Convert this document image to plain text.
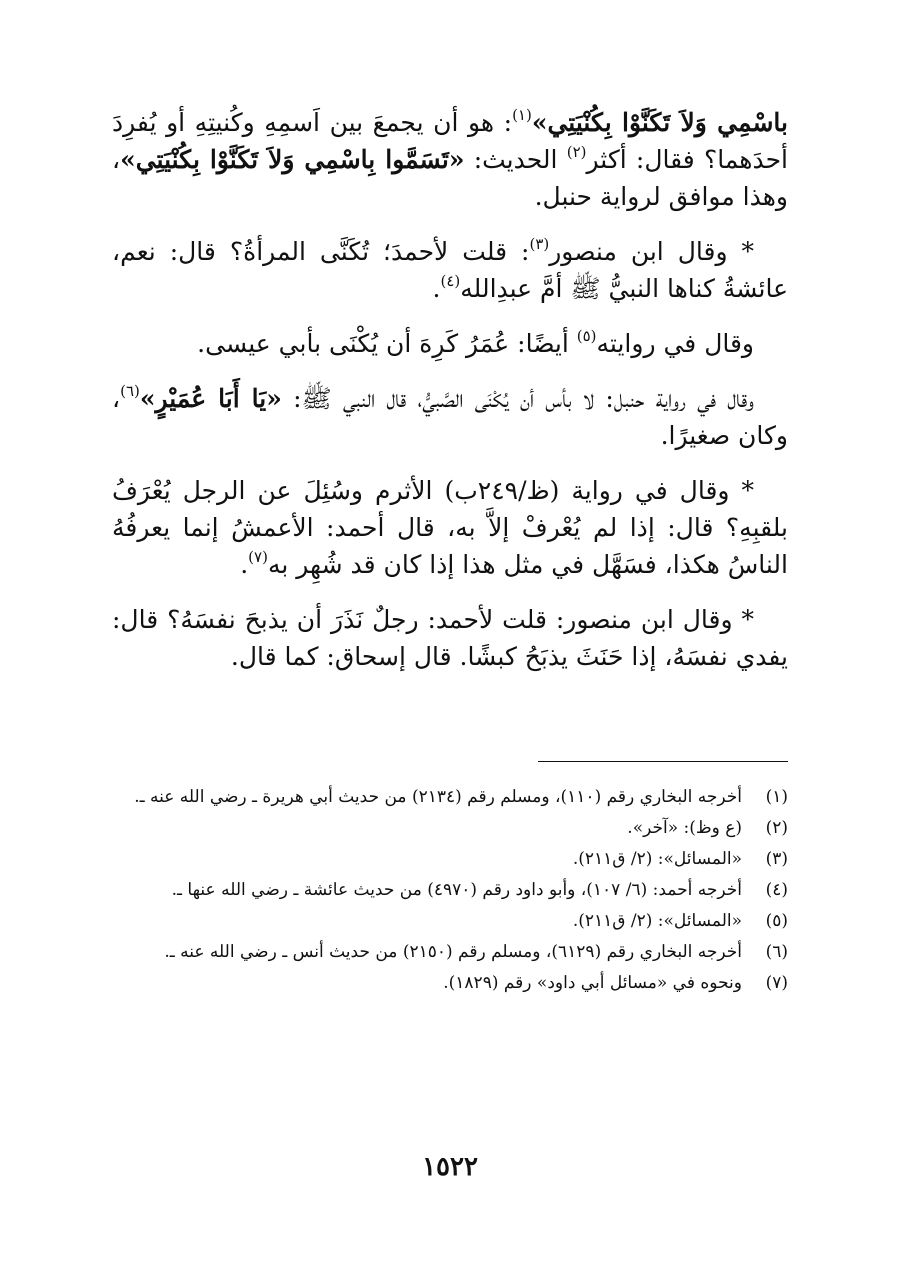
باسْمِي وَلاَ تَكَنَّوْا بِكُنْيَتِي»$^{(١)}$: هو أن يجمعَ بين اَسمِهِ وكُنيتِهِ أو يُفرِدَ أحدَهما؟ فقال: أكثر$^{(٢)}$ الحديث: «تَسَمَّوا بِاسْمِي وَلاَ تَكَنَّوْا بِكُنْيَتِي»، وهذا موافق لرواية حنبل.

* وقال ابن منصور$^{(٣)}$: قلت لأحمدَ؛ تُكَنَّى المرأةُ؟ قال: نعم، عائشةُ كناها النبيُّ ﷺ أمَّ عبدِالله$^{(٤)}$.

وقال في روايته$^{(٥)}$ أيضًا: عُمَرُ كَرِهَ أن يُكْنَى بأبي عيسى.

وقال في رواية حنبل: لا بأس أن يُكْنَى الصَّبيُّ، قال النبي ﷺ: «يَا أَبَا عُمَيْرٍ»$^{(٦)}$، وكان صغيرًا.

* وقال في رواية (ظ/٢٤٩ب) الأثرم وسُئِلَ عن الرجل يُعْرَفُ بلقبِهِ؟ قال: إذا لم يُعْرفْ إلاَّ به، قال أحمد: الأعمشُ إنما يعرفُهُ الناسُ هكذا، فسَهَّل في مثل هذا إذا كان قد شُهِر به$^{(٧)}$.

* وقال ابن منصور: قلت لأحمد: رجلٌ نَذَرَ أن يذبحَ نفسَهُ؟ قال: يفدي نفسَهُ، إذا حَنَثَ يذبَحُ كبشًا. قال إسحاق: كما قال.

(١)
أخرجه البخاري رقم (١١٠)، ومسلم رقم (٢١٣٤) من حديث أبي هريرة ـ رضي الله عنه ـ.
(٢)
(ع وظ): «آخر».
(٣)
«المسائل»: (٢/ ق٢١١).
(٤)
أخرجه أحمد: (٦/ ١٠٧)، وأبو داود رقم (٤٩٧٠) من حديث عائشة ـ رضي الله عنها ـ.
(٥)
«المسائل»: (٢/ ق٢١١).
(٦)
أخرجه البخاري رقم (٦١٢٩)، ومسلم رقم (٢١٥٠) من حديث أنس ـ رضي الله عنه ـ.
(٧)
ونحوه في «مسائل أبي داود» رقم (١٨٢٩).
١٥٢٢
